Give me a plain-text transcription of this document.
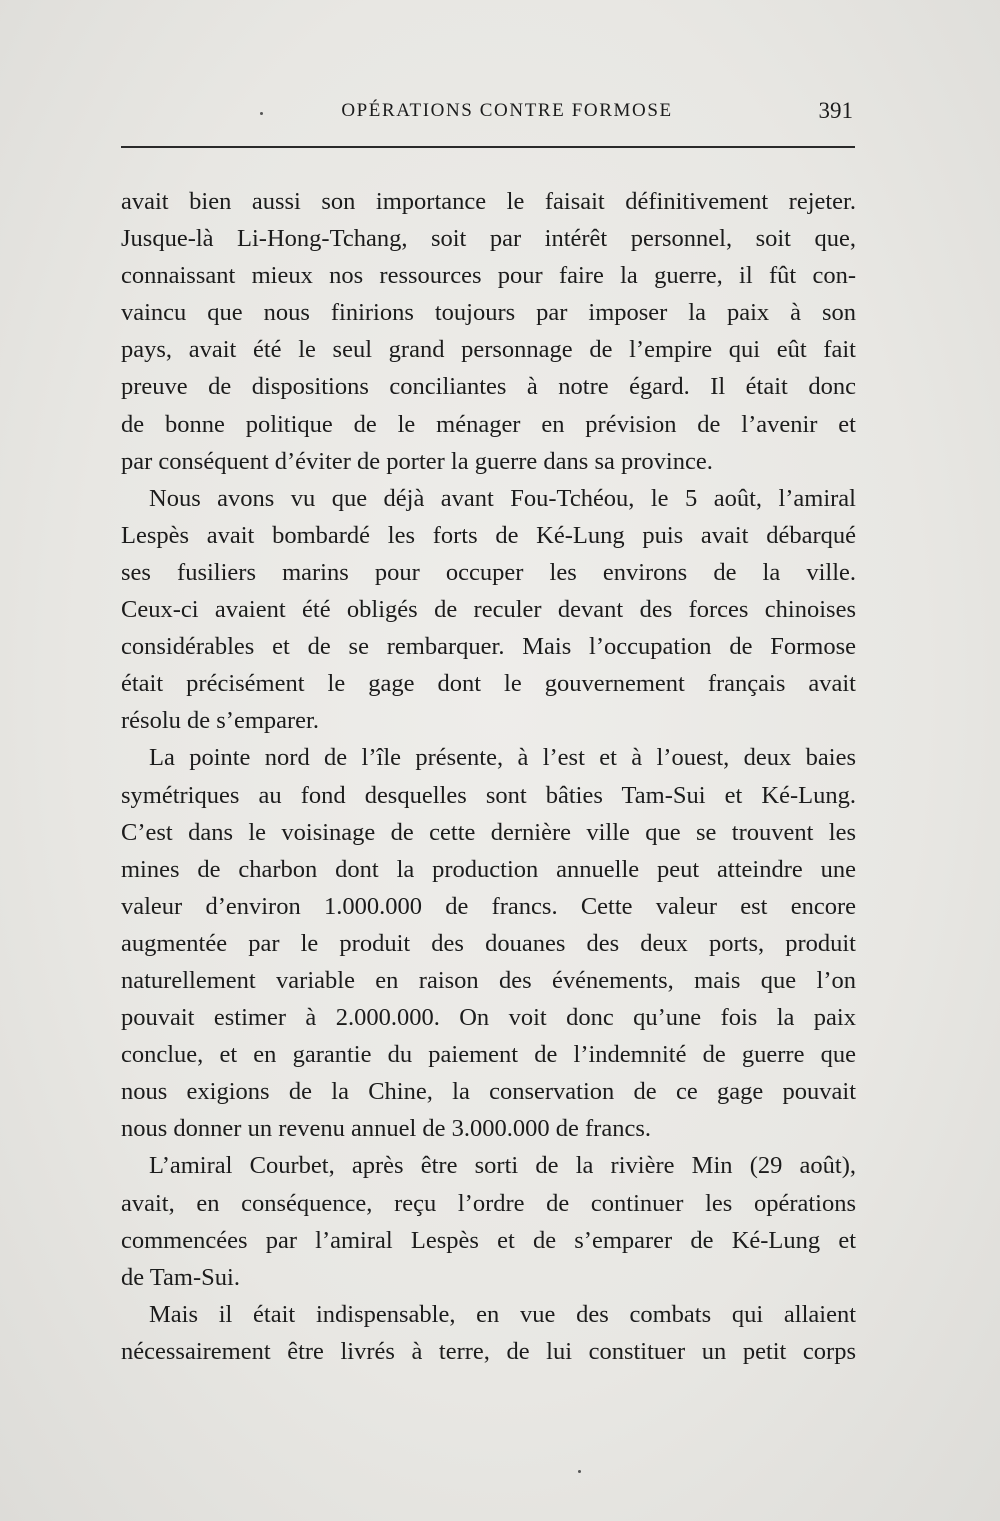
OPÉRATIONS CONTRE FORMOSE	391
avait bien aussi son importance le faisait définitivement rejeter.
Jusque-là Li-Hong-Tchang, soit par intérêt personnel, soit que,
connaissant mieux nos ressources pour faire la guerre, il fût con-
vaincu que nous finirions toujours par imposer la paix à son
pays, avait été le seul grand personnage de l’empire qui eût fait
preuve de dispositions conciliantes à notre égard. Il était donc
de bonne politique de le ménager en prévision de l’avenir et
par conséquent d’éviter de porter la guerre dans sa province.
Nous avons vu que déjà avant Fou-Tchéou, le 5 août, l’amiral
Lespès avait bombardé les forts de Ké-Lung puis avait débarqué
ses fusiliers marins pour occuper les environs de la ville.
Ceux-ci avaient été obligés de reculer devant des forces chinoises
considérables et de se rembarquer. Mais l’occupation de Formose
était précisément le gage dont le gouvernement français avait
résolu de s’emparer.
La pointe nord de l’île présente, à l’est et à l’ouest, deux baies
symétriques au fond desquelles sont bâties Tam-Sui et Ké-Lung.
C’est dans le voisinage de cette dernière ville que se trouvent les
mines de charbon dont la production annuelle peut atteindre une
valeur d’environ 1.000.000 de francs. Cette valeur est encore
augmentée par le produit des douanes des deux ports, produit
naturellement variable en raison des événements, mais que l’on
pouvait estimer à 2.000.000. On voit donc qu’une fois la paix
conclue, et en garantie du paiement de l’indemnité de guerre que
nous exigions de la Chine, la conservation de ce gage pouvait
nous donner un revenu annuel de 3.000.000 de francs.
L’amiral Courbet, après être sorti de la rivière Min (29 août),
avait, en conséquence, reçu l’ordre de continuer les opérations
commencées par l’amiral Lespès et de s’emparer de Ké-Lung et
de Tam-Sui.
Mais il était indispensable, en vue des combats qui allaient
nécessairement être livrés à terre, de lui constituer un petit corps
